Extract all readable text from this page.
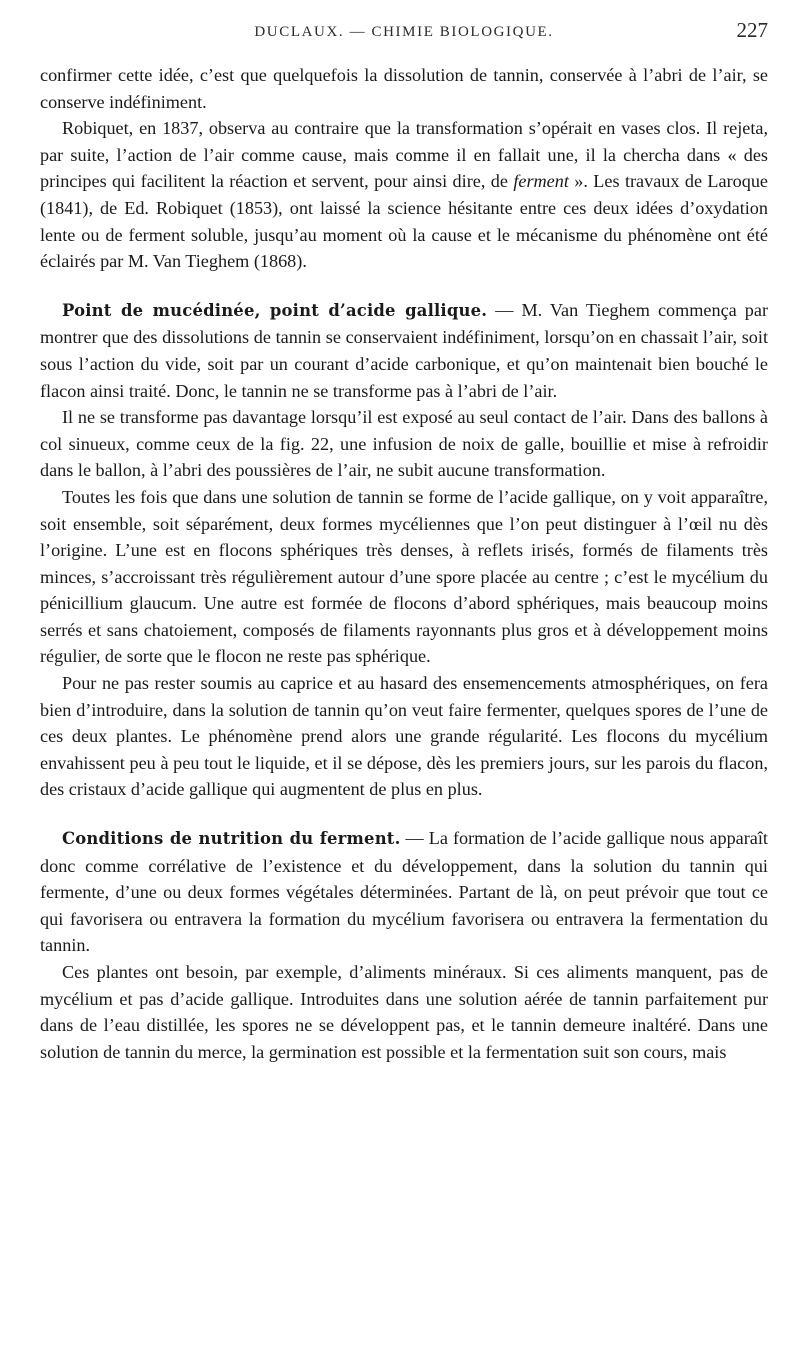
DUCLAUX. — CHIMIE BIOLOGIQUE.	227

confirmer cette idée, c’est que quelquefois la dissolution de tannin, conservée à l’abri de l’air, se conserve indéfiniment.

Robiquet, en 1837, observa au contraire que la transformation s’opérait en vases clos. Il rejeta, par suite, l’action de l’air comme cause, mais comme il en fallait une, il la chercha dans « des principes qui facilitent la réaction et servent, pour ainsi dire, de ferment ». Les travaux de Laroque (1841), de Ed. Robiquet (1853), ont laissé la science hésitante entre ces deux idées d’oxydation lente ou de ferment soluble, jusqu’au moment où la cause et le mécanisme du phénomène ont été éclairés par M. Van Tieghem (1868).

Point de mucédinée, point d’acide gallique. — M. Van Tieghem commença par montrer que des dissolutions de tannin se conservaient indéfiniment, lorsqu’on en chassait l’air, soit sous l’action du vide, soit par un courant d’acide carbonique, et qu’on maintenait bien bouché le flacon ainsi traité. Donc, le tannin ne se transforme pas à l’abri de l’air.

Il ne se transforme pas davantage lorsqu’il est exposé au seul contact de l’air. Dans des ballons à col sinueux, comme ceux de la fig. 22, une infusion de noix de galle, bouillie et mise à refroidir dans le ballon, à l’abri des poussières de l’air, ne subit aucune transformation.

Toutes les fois que dans une solution de tannin se forme de l’acide gallique, on y voit apparaître, soit ensemble, soit séparément, deux formes mycéliennes que l’on peut distinguer à l’œil nu dès l’origine. L’une est en flocons sphériques très denses, à reflets irisés, formés de filaments très minces, s’accroissant très régulièrement autour d’une spore placée au centre ; c’est le mycélium du pénicillium glaucum. Une autre est formée de flocons d’abord sphériques, mais beaucoup moins serrés et sans chatoiement, composés de filaments rayonnants plus gros et à développement moins régulier, de sorte que le flocon ne reste pas sphérique.

Pour ne pas rester soumis au caprice et au hasard des ensemencements atmosphériques, on fera bien d’introduire, dans la solution de tannin qu’on veut faire fermenter, quelques spores de l’une de ces deux plantes. Le phénomène prend alors une grande régularité. Les flocons du mycélium envahissent peu à peu tout le liquide, et il se dépose, dès les premiers jours, sur les parois du flacon, des cristaux d’acide gallique qui augmentent de plus en plus.

Conditions de nutrition du ferment. — La formation de l’acide gallique nous apparaît donc comme corrélative de l’existence et du développement, dans la solution du tannin qui fermente, d’une ou deux formes végétales déterminées. Partant de là, on peut prévoir que tout ce qui favorisera ou entravera la formation du mycélium favorisera ou entravera la fermentation du tannin.

Ces plantes ont besoin, par exemple, d’aliments minéraux. Si ces aliments manquent, pas de mycélium et pas d’acide gallique. Introduites dans une solution aérée de tannin parfaitement pur dans de l’eau distillée, les spores ne se développent pas, et le tannin demeure inaltéré. Dans une solution de tannin du merce, la germination est possible et la fermentation suit son cours, mais
